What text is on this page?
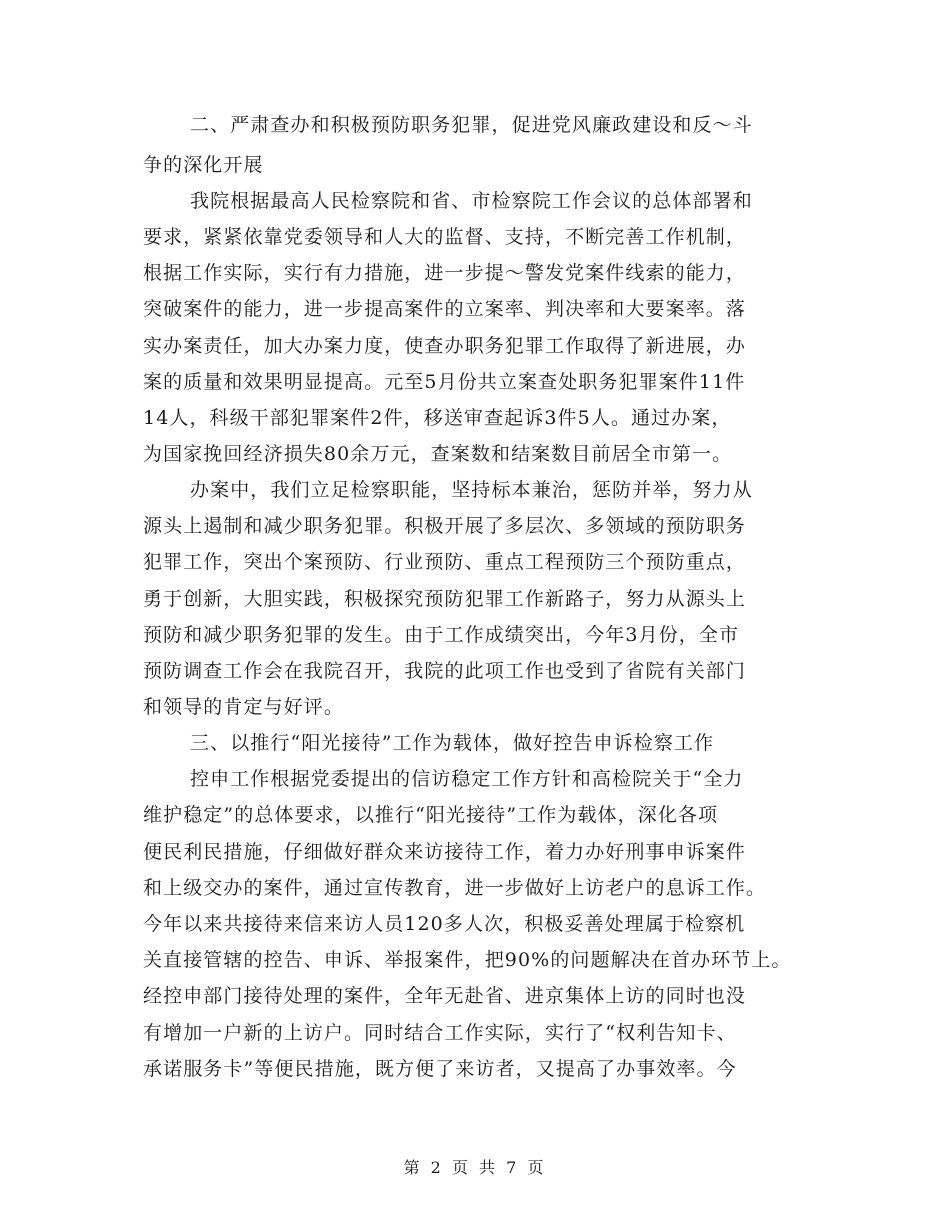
二、严肃查办和积极预防职务犯罪，促进党风廉政建设和反～斗
争的深化开展
我院根据最高人民检察院和省、市检察院工作会议的总体部署和
要求，紧紧依靠党委领导和人大的监督、支持，不断完善工作机制，
根据工作实际，实行有力措施，进一步提～警发党案件线索的能力，
突破案件的能力，进一步提高案件的立案率、判决率和大要案率。落
实办案责任，加大办案力度，使查办职务犯罪工作取得了新进展，办
案的质量和效果明显提高。元至5月份共立案查处职务犯罪案件11件
14人，科级干部犯罪案件2件，移送审查起诉3件5人。通过办案，
为国家挽回经济损失80余万元，查案数和结案数目前居全市第一。
办案中，我们立足检察职能，坚持标本兼治，惩防并举，努力从
源头上遏制和减少职务犯罪。积极开展了多层次、多领域的预防职务
犯罪工作，突出个案预防、行业预防、重点工程预防三个预防重点，
勇于创新，大胆实践，积极探究预防犯罪工作新路子，努力从源头上
预防和减少职务犯罪的发生。由于工作成绩突出，今年3月份，全市
预防调查工作会在我院召开，我院的此项工作也受到了省院有关部门
和领导的肯定与好评。
三、以推行“阳光接待”工作为载体，做好控告申诉检察工作
控申工作根据党委提出的信访稳定工作方针和高检院关于“全力
维护稳定”的总体要求，以推行“阳光接待”工作为载体，深化各项
便民利民措施，仔细做好群众来访接待工作，着力办好刑事申诉案件
和上级交办的案件，通过宣传教育，进一步做好上访老户的息诉工作。
今年以来共接待来信来访人员120多人次，积极妥善处理属于检察机
关直接管辖的控告、申诉、举报案件，把90%的问题解决在首办环节上。
经控申部门接待处理的案件，全年无赴省、进京集体上访的同时也没
有增加一户新的上访户。同时结合工作实际，实行了“权利告知卡、
承诺服务卡”等便民措施，既方便了来访者，又提高了办事效率。今
第 2 页 共 7 页
